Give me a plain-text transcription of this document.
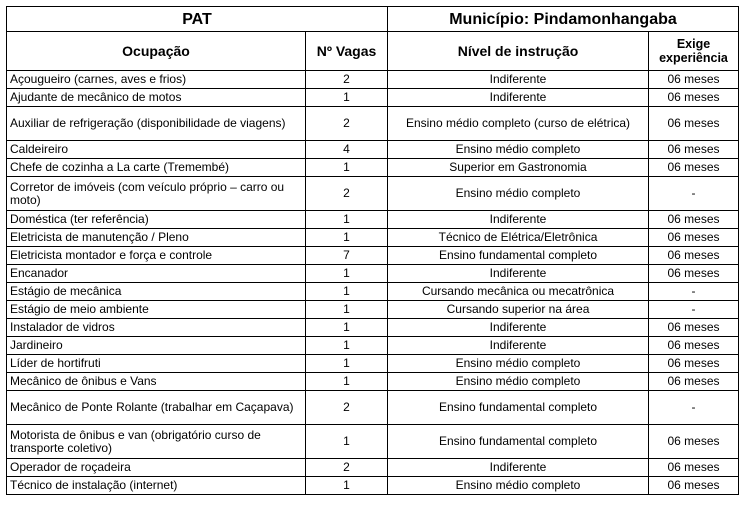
PAT		Município: Pindamonhangaba	
Ocupação	Nº Vagas	Nível de instrução	Exige experiência
Açougueiro (carnes, aves e frios)	2	Indiferente	06 meses
Ajudante de mecânico de motos	1	Indiferente	06 meses
Auxiliar de refrigeração (disponibilidade de viagens)	2	Ensino médio completo (curso de elétrica)	06 meses
Caldeireiro	4	Ensino médio completo	06 meses
Chefe de cozinha a La carte (Tremembé)	1	Superior em Gastronomia	06 meses
Corretor de imóveis (com veículo próprio – carro ou moto)	2	Ensino médio completo	-
Doméstica (ter referência)	1	Indiferente	06 meses
Eletricista de manutenção / Pleno	1	Técnico de Elétrica/Eletrônica	06 meses
Eletricista montador e força e controle	7	Ensino fundamental completo	06 meses
Encanador	1	Indiferente	06 meses
Estágio de mecânica	1	Cursando mecânica ou mecatrônica	-
Estágio de meio ambiente	1	Cursando superior na área	-
Instalador de vidros	1	Indiferente	06 meses
Jardineiro	1	Indiferente	06 meses
Líder de hortifruti	1	Ensino médio completo	06 meses
Mecânico de ônibus e Vans	1	Ensino médio completo	06 meses
Mecânico de Ponte Rolante (trabalhar em Caçapava)	2	Ensino fundamental completo	-
Motorista de ônibus e van (obrigatório curso de transporte coletivo)	1	Ensino fundamental completo	06 meses
Operador de roçadeira	2	Indiferente	06 meses
Técnico de instalação (internet)	1	Ensino médio completo	06 meses
